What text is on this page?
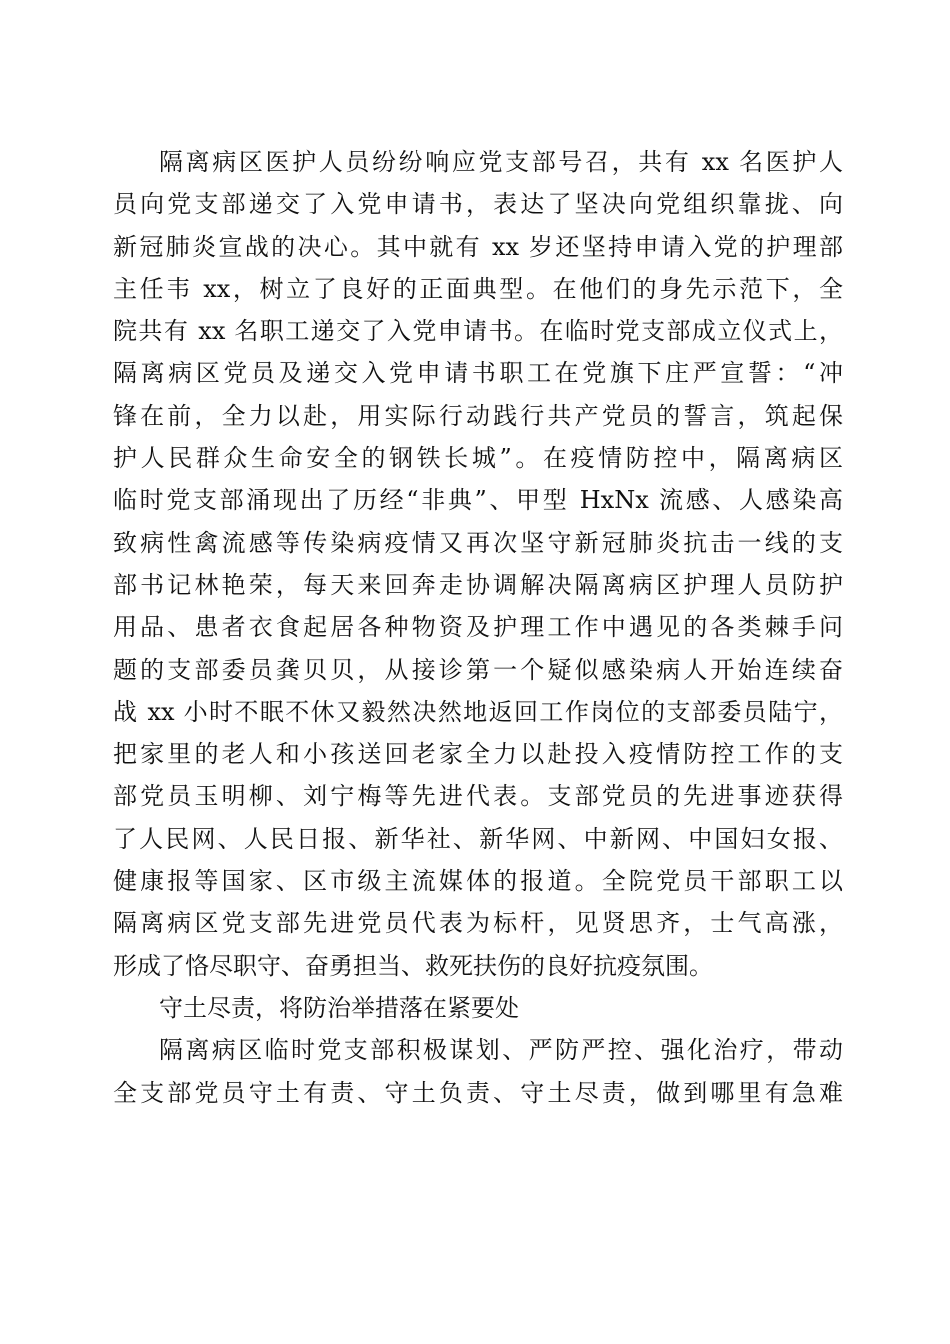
隔离病区医护人员纷纷响应党支部号召，共有 xx 名医护人
员向党支部递交了入党申请书，表达了坚决向党组织靠拢、向
新冠肺炎宣战的决心。其中就有 xx 岁还坚持申请入党的护理部
主任韦 xx，树立了良好的正面典型。在他们的身先示范下，全
院共有 xx 名职工递交了入党申请书。在临时党支部成立仪式上，
隔离病区党员及递交入党申请书职工在党旗下庄严宣誓：“冲
锋在前，全力以赴，用实际行动践行共产党员的誓言，筑起保
护人民群众生命安全的钢铁长城”。在疫情防控中，隔离病区
临时党支部涌现出了历经“非典”、甲型 HxNx 流感、人感染高
致病性禽流感等传染病疫情又再次坚守新冠肺炎抗击一线的支
部书记林艳荣，每天来回奔走协调解决隔离病区护理人员防护
用品、患者衣食起居各种物资及护理工作中遇见的各类棘手问
题的支部委员龚贝贝，从接诊第一个疑似感染病人开始连续奋
战 xx 小时不眠不休又毅然决然地返回工作岗位的支部委员陆宁，
把家里的老人和小孩送回老家全力以赴投入疫情防控工作的支
部党员玉明柳、刘宁梅等先进代表。支部党员的先进事迹获得
了人民网、人民日报、新华社、新华网、中新网、中国妇女报、
健康报等国家、区市级主流媒体的报道。全院党员干部职工以
隔离病区党支部先进党员代表为标杆，见贤思齐，士气高涨，
形成了恪尽职守、奋勇担当、救死扶伤的良好抗疫氛围。
守土尽责，将防治举措落在紧要处
隔离病区临时党支部积极谋划、严防严控、强化治疗，带动
全支部党员守土有责、守土负责、守土尽责，做到哪里有急难
